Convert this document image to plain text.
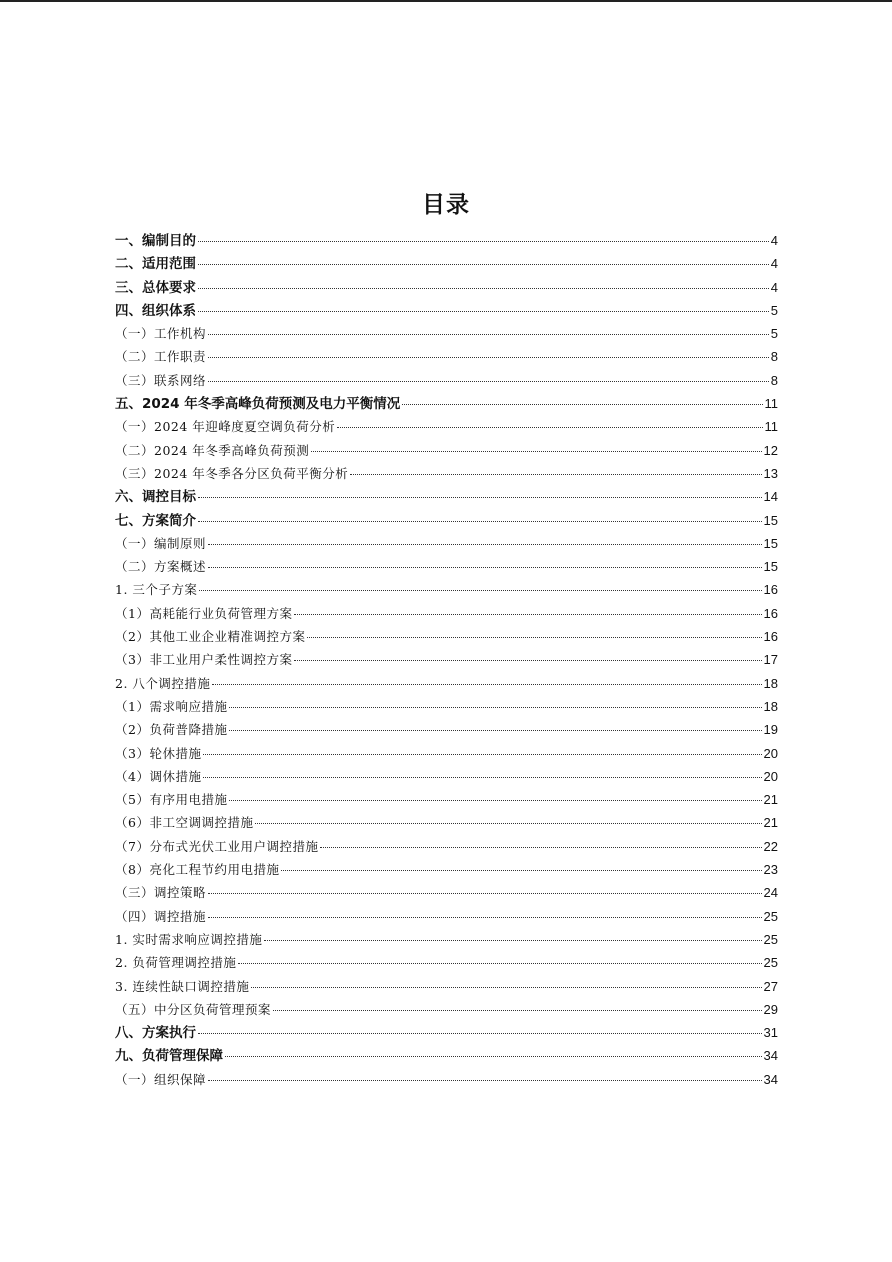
目录
一、编制目的	4
二、适用范围	4
三、总体要求	4
四、组织体系	5
（一）工作机构	5
（二）工作职责	8
（三）联系网络	8
五、2024 年冬季高峰负荷预测及电力平衡情况	11
（一）2024 年迎峰度夏空调负荷分析	11
（二）2024 年冬季高峰负荷预测	12
（三）2024 年冬季各分区负荷平衡分析	13
六、调控目标	14
七、方案简介	15
（一）编制原则	15
（二）方案概述	15
1. 三个子方案	16
（1）高耗能行业负荷管理方案	16
（2）其他工业企业精准调控方案	16
（3）非工业用户柔性调控方案	17
2. 八个调控措施	18
（1）需求响应措施	18
（2）负荷普降措施	19
（3）轮休措施	20
（4）调休措施	20
（5）有序用电措施	21
（6）非工空调调控措施	21
（7）分布式光伏工业用户调控措施	22
（8）亮化工程节约用电措施	23
（三）调控策略	24
（四）调控措施	25
1. 实时需求响应调控措施	25
2. 负荷管理调控措施	25
3. 连续性缺口调控措施	27
（五）中分区负荷管理预案	29
八、方案执行	31
九、负荷管理保障	34
（一）组织保障	34
